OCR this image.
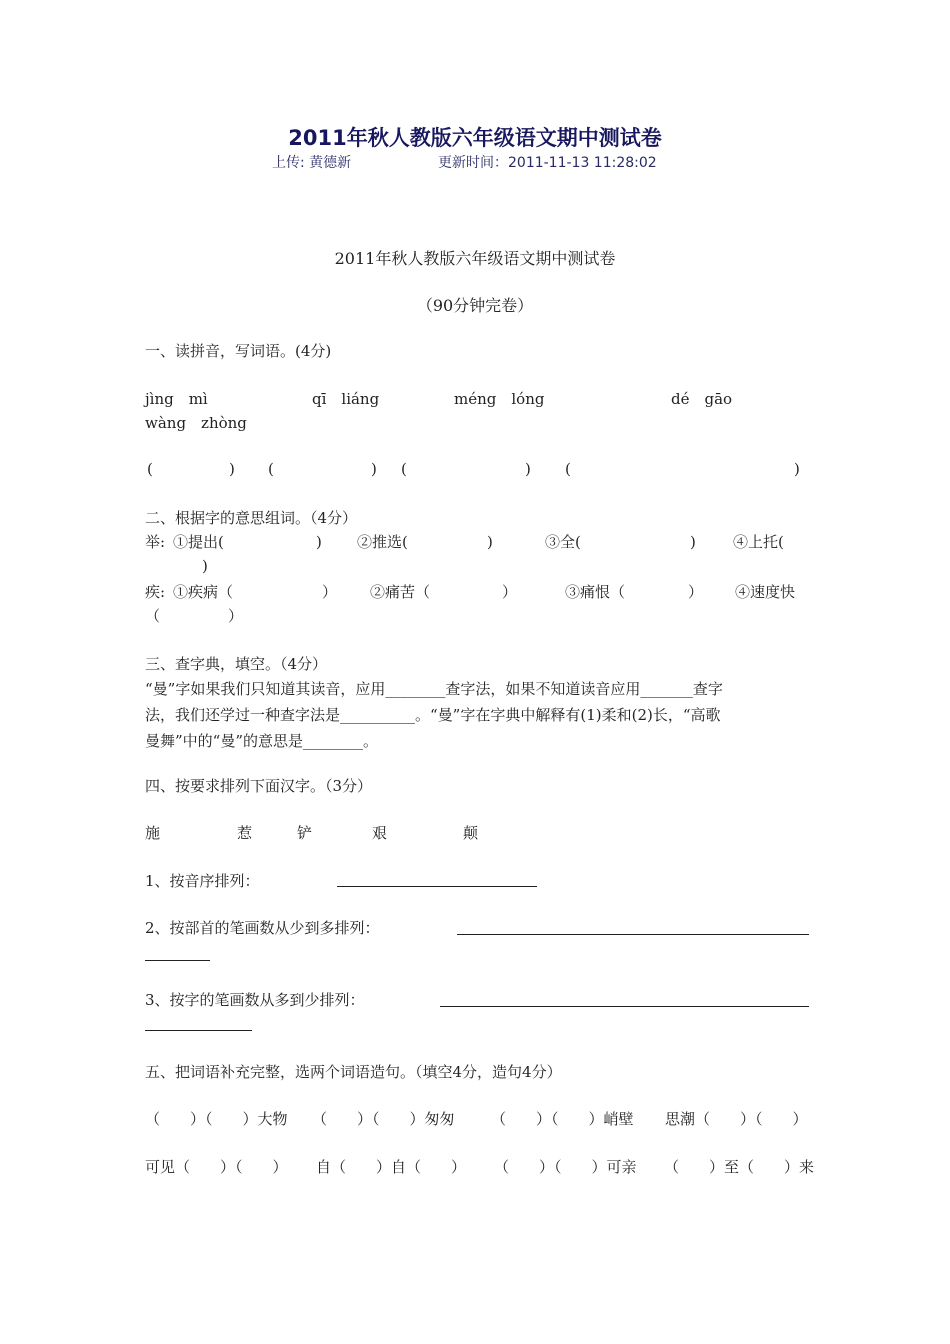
2011年秋人教版六年级语文期中测试卷
上传: 黄德新	更新时间：2011-11-13 11:28:02
2011年秋人教版六年级语文期中测试卷
（90分钟完卷）
一、读拼音，写词语。(4分)
jìng　mì	qī　liáng	méng　lóng	dé　gāo
wàng　zhòng
(	) (	) (	) (	)
二、根据字的意思组词。（4分）
举: ①提出(	) ②推选(	)	③全(	) ④上托(
)
疾: ①疾病（	） ②痛苦（	）	③痛恨（	） ④速度快
（	）
三、查字典，填空。（4分）
“曼”字如果我们只知道其读音，应用________查字法，如果不知道读音应用_______查字
法，我们还学过一种查字法是__________。“曼”字在字典中解释有(1)柔和(2)长，“高歌
曼舞”中的“曼”的意思是________。
四、按要求排列下面汉字。（3分）
施	惹	铲	艰	颠
1、按音序排列：
2、按部首的笔画数从少到多排列：
3、按字的笔画数从多到少排列：
五、把词语补充完整，选两个词语造句。（填空4分，造句4分）
（　　）（　　）大物 （　　）（　　）匆匆 （　　）（　　）峭壁 思潮（　　）（　　）
可见（　　）（　　） 自（　　）自（　　） （　　）（　　）可亲 （　　）至（　　）来
